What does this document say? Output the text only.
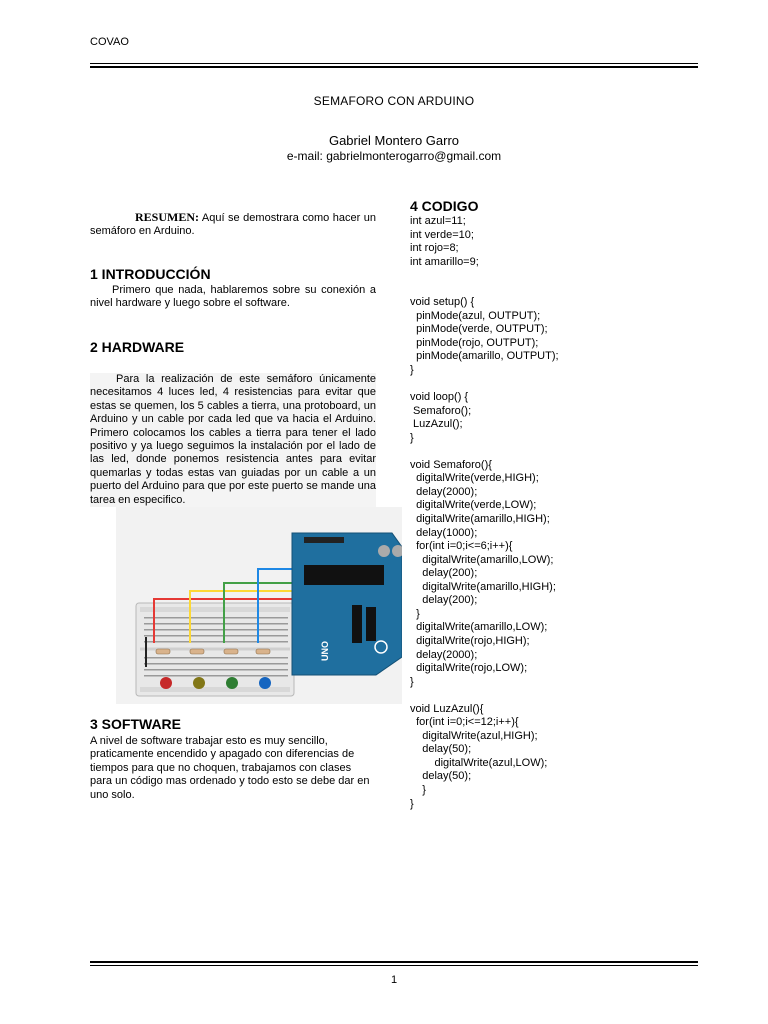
COVAO
SEMAFORO CON ARDUINO
Gabriel Montero Garro
e-mail: gabrielmonterogarro@gmail.com
RESUMEN: Aquí se demostrara como hacer un semáforo en Arduino.
1 INTRODUCCIÓN
Primero que nada, hablaremos sobre su conexión a nivel hardware y luego sobre el software.
2 HARDWARE
Para la realización de este semáforo únicamente necesitamos 4 luces led, 4 resistencias para evitar que estas se quemen, los 5 cables a tierra, una protoboard, un Arduino y un cable por cada led que va hacia el Arduino. Primero colocamos los cables a tierra para tener el lado positivo y ya luego seguimos la instalación por el lado de las led, donde ponemos resistencia antes para evitar quemarlas y todas estas van guiadas por un cable a un puerto del Arduino para que por este puerto se mande una tarea en especifico.
UNO
3 SOFTWARE
A nivel de software trabajar esto es muy sencillo, praticamente encendido y apagado con diferencias de tiempos para que no choquen, trabajamos con clases para un código mas ordenado y todo esto se debe dar en uno solo.
4 CODIGO
int azul=11;
int verde=10;
int rojo=8;
int amarillo=9;

void setup() {
pinMode(azul, OUTPUT);
pinMode(verde, OUTPUT);
pinMode(rojo, OUTPUT);
pinMode(amarillo, OUTPUT);
}

void loop() {
Semaforo();
LuzAzul();
}

void Semaforo(){
digitalWrite(verde,HIGH);
delay(2000);
digitalWrite(verde,LOW);
digitalWrite(amarillo,HIGH);
delay(1000);
for(int i=0;i<=6;i++){
digitalWrite(amarillo,LOW);
delay(200);
digitalWrite(amarillo,HIGH);
delay(200);
}
digitalWrite(amarillo,LOW);
digitalWrite(rojo,HIGH);
delay(2000);
digitalWrite(rojo,LOW);
}

void LuzAzul(){
for(int i=0;i<=12;i++){
digitalWrite(azul,HIGH);
delay(50);
digitalWrite(azul,LOW);
delay(50);
}
}
1
